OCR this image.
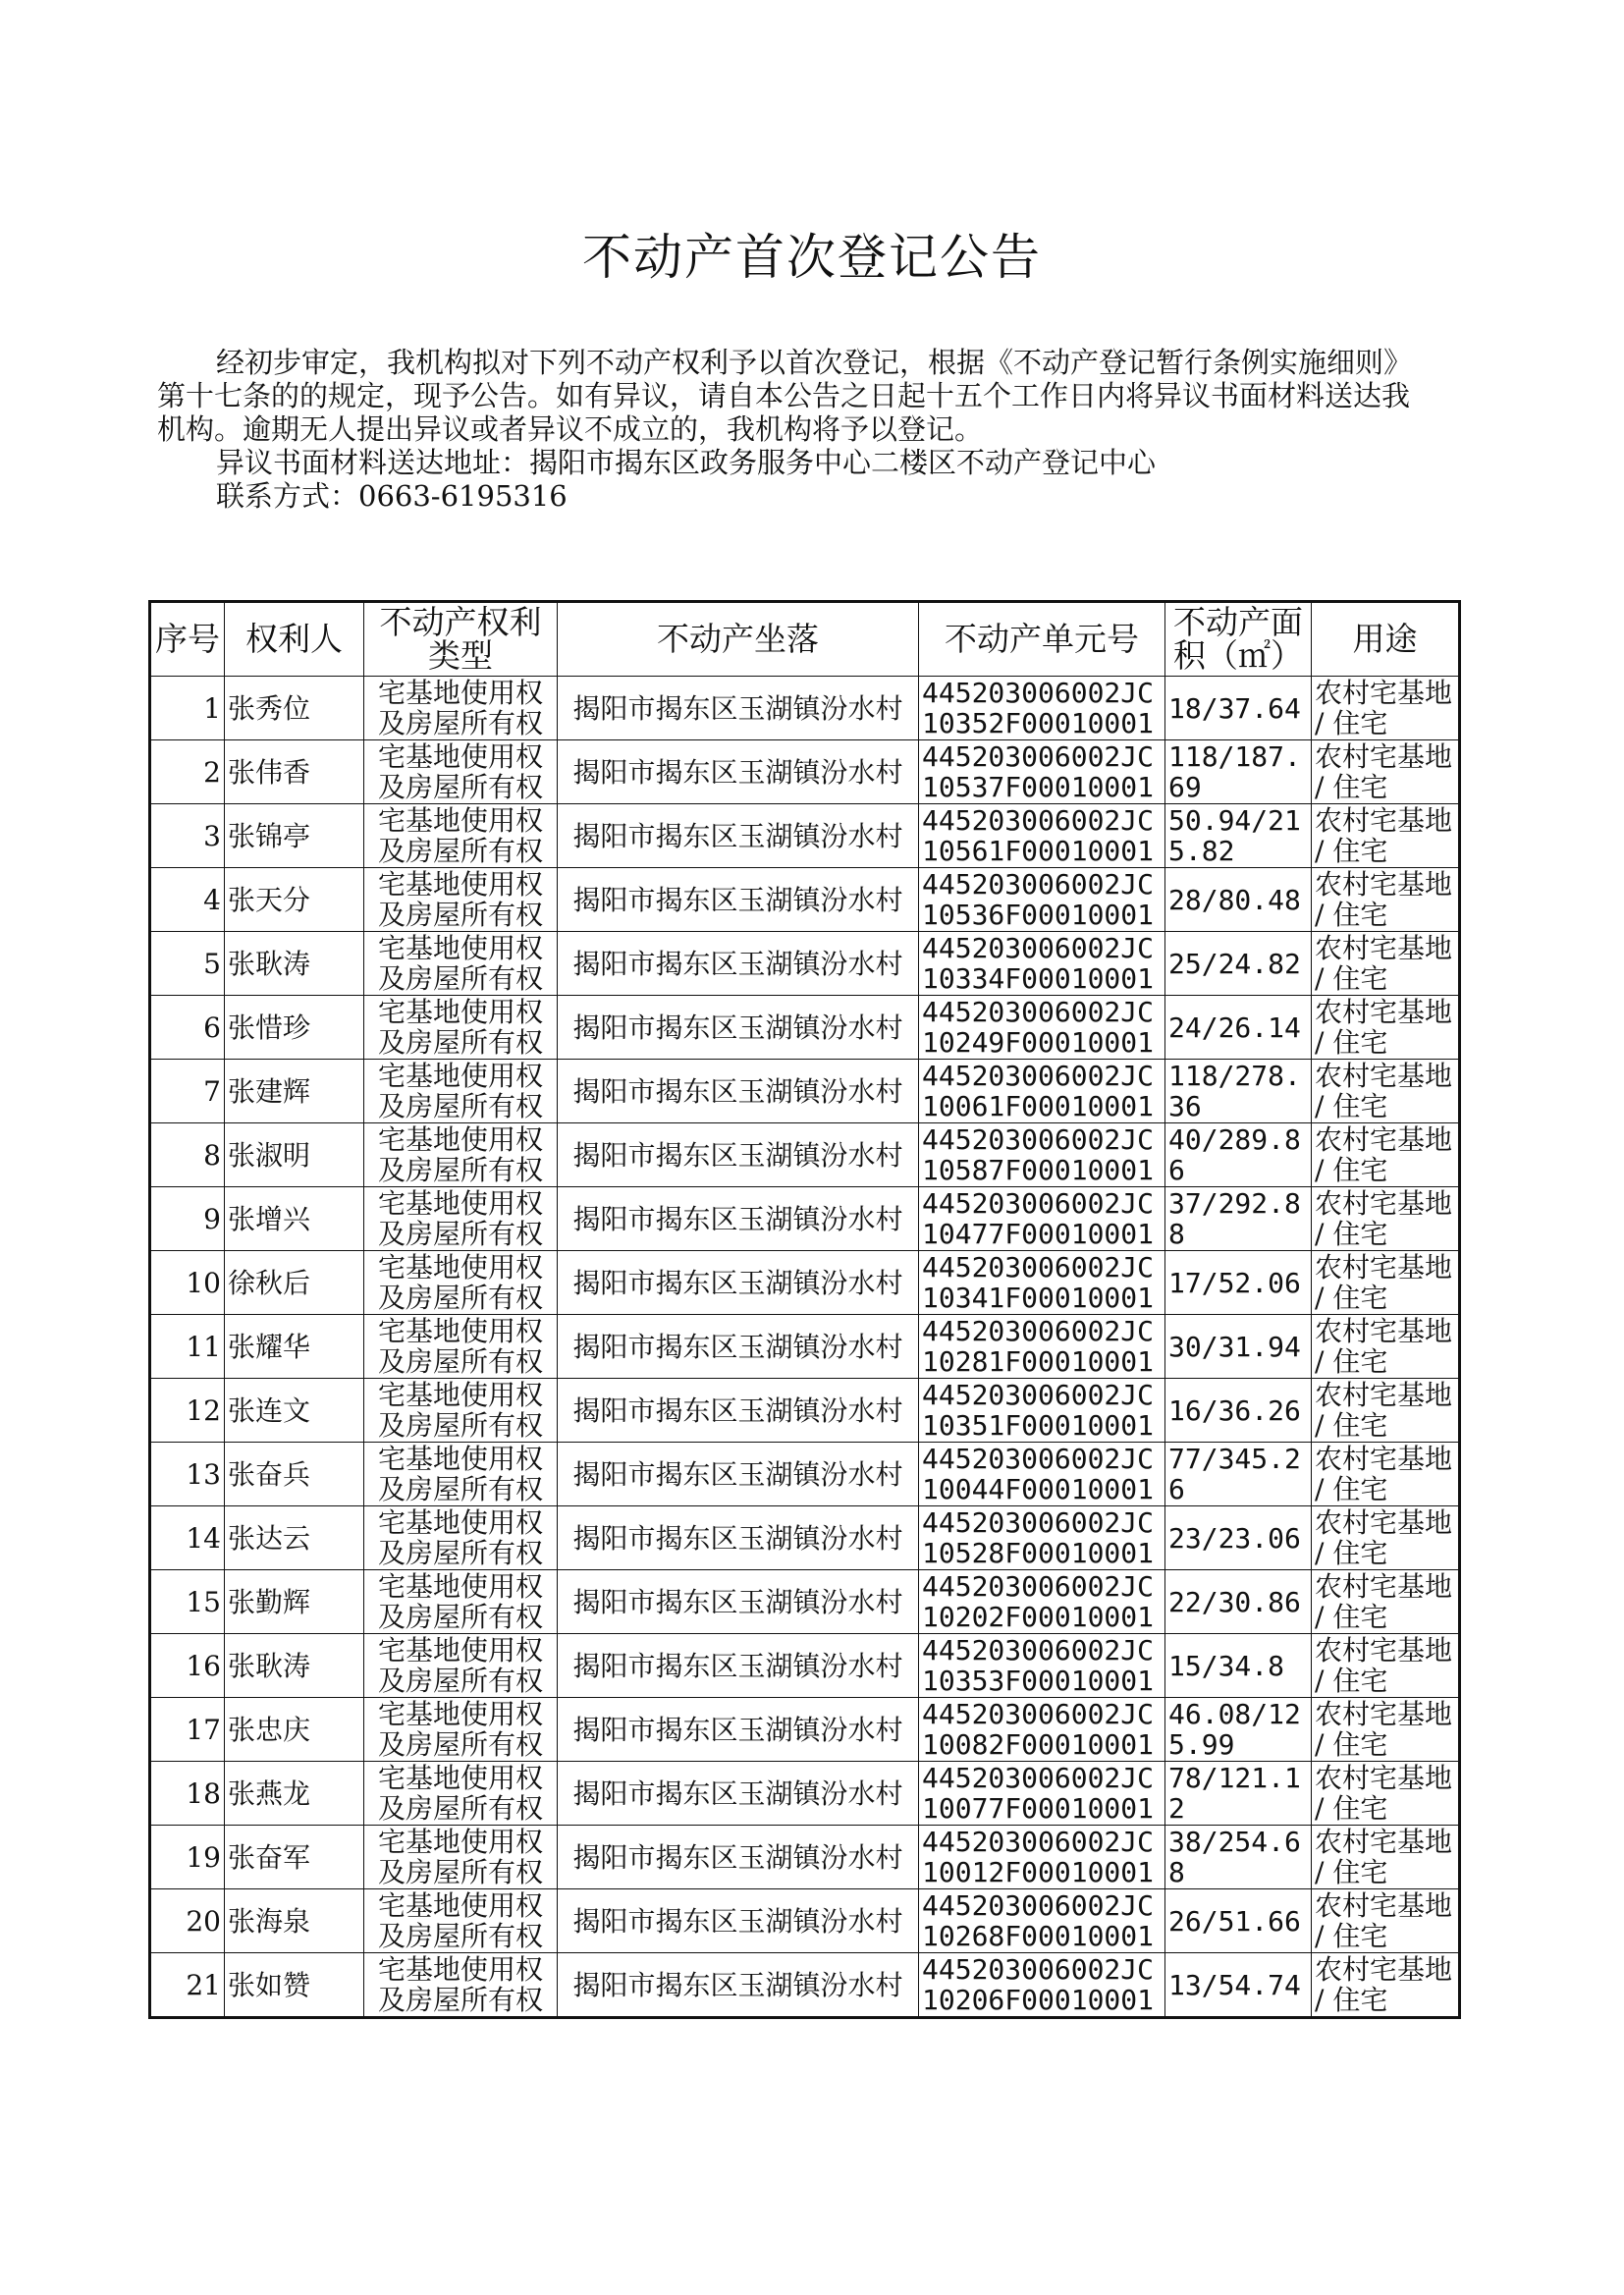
不动产首次登记公告

经初步审定，我机构拟对下列不动产权利予以首次登记，根据《不动产登记暂行条例实施细则》第十七条的的规定，现予公告。如有异议，请自本公告之日起十五个工作日内将异议书面材料送达我机构。逾期无人提出异议或者异议不成立的，我机构将予以登记。

异议书面材料送达地址：揭阳市揭东区政务服务中心二楼区不动产登记中心

联系方式：0663-6195316

序号	权利人	不动产权利类型	不动产坐落	不动产单元号	不动产面积（㎡）	用途
1	张秀位	宅基地使用权及房屋所有权	揭阳市揭东区玉湖镇汾水村	445203006002JC10352F00010001	18/37.64	农村宅基地 / 住宅
2	张伟香	宅基地使用权及房屋所有权	揭阳市揭东区玉湖镇汾水村	445203006002JC10537F00010001	118/187.69	农村宅基地 / 住宅
3	张锦亭	宅基地使用权及房屋所有权	揭阳市揭东区玉湖镇汾水村	445203006002JC10561F00010001	50.94/215.82	农村宅基地 / 住宅
4	张天分	宅基地使用权及房屋所有权	揭阳市揭东区玉湖镇汾水村	445203006002JC10536F00010001	28/80.48	农村宅基地 / 住宅
5	张耿涛	宅基地使用权及房屋所有权	揭阳市揭东区玉湖镇汾水村	445203006002JC10334F00010001	25/24.82	农村宅基地 / 住宅
6	张惜珍	宅基地使用权及房屋所有权	揭阳市揭东区玉湖镇汾水村	445203006002JC10249F00010001	24/26.14	农村宅基地 / 住宅
7	张建辉	宅基地使用权及房屋所有权	揭阳市揭东区玉湖镇汾水村	445203006002JC10061F00010001	118/278.36	农村宅基地 / 住宅
8	张淑明	宅基地使用权及房屋所有权	揭阳市揭东区玉湖镇汾水村	445203006002JC10587F00010001	40/289.86	农村宅基地 / 住宅
9	张增兴	宅基地使用权及房屋所有权	揭阳市揭东区玉湖镇汾水村	445203006002JC10477F00010001	37/292.88	农村宅基地 / 住宅
10	徐秋后	宅基地使用权及房屋所有权	揭阳市揭东区玉湖镇汾水村	445203006002JC10341F00010001	17/52.06	农村宅基地 / 住宅
11	张耀华	宅基地使用权及房屋所有权	揭阳市揭东区玉湖镇汾水村	445203006002JC10281F00010001	30/31.94	农村宅基地 / 住宅
12	张连文	宅基地使用权及房屋所有权	揭阳市揭东区玉湖镇汾水村	445203006002JC10351F00010001	16/36.26	农村宅基地 / 住宅
13	张奋兵	宅基地使用权及房屋所有权	揭阳市揭东区玉湖镇汾水村	445203006002JC10044F00010001	77/345.26	农村宅基地 / 住宅
14	张达云	宅基地使用权及房屋所有权	揭阳市揭东区玉湖镇汾水村	445203006002JC10528F00010001	23/23.06	农村宅基地 / 住宅
15	张勤辉	宅基地使用权及房屋所有权	揭阳市揭东区玉湖镇汾水村	445203006002JC10202F00010001	22/30.86	农村宅基地 / 住宅
16	张耿涛	宅基地使用权及房屋所有权	揭阳市揭东区玉湖镇汾水村	445203006002JC10353F00010001	15/34.8	农村宅基地 / 住宅
17	张忠庆	宅基地使用权及房屋所有权	揭阳市揭东区玉湖镇汾水村	445203006002JC10082F00010001	46.08/125.99	农村宅基地 / 住宅
18	张燕龙	宅基地使用权及房屋所有权	揭阳市揭东区玉湖镇汾水村	445203006002JC10077F00010001	78/121.12	农村宅基地 / 住宅
19	张奋军	宅基地使用权及房屋所有权	揭阳市揭东区玉湖镇汾水村	445203006002JC10012F00010001	38/254.68	农村宅基地 / 住宅
20	张海泉	宅基地使用权及房屋所有权	揭阳市揭东区玉湖镇汾水村	445203006002JC10268F00010001	26/51.66	农村宅基地 / 住宅
21	张如赞	宅基地使用权及房屋所有权	揭阳市揭东区玉湖镇汾水村	445203006002JC10206F00010001	13/54.74	农村宅基地 / 住宅
